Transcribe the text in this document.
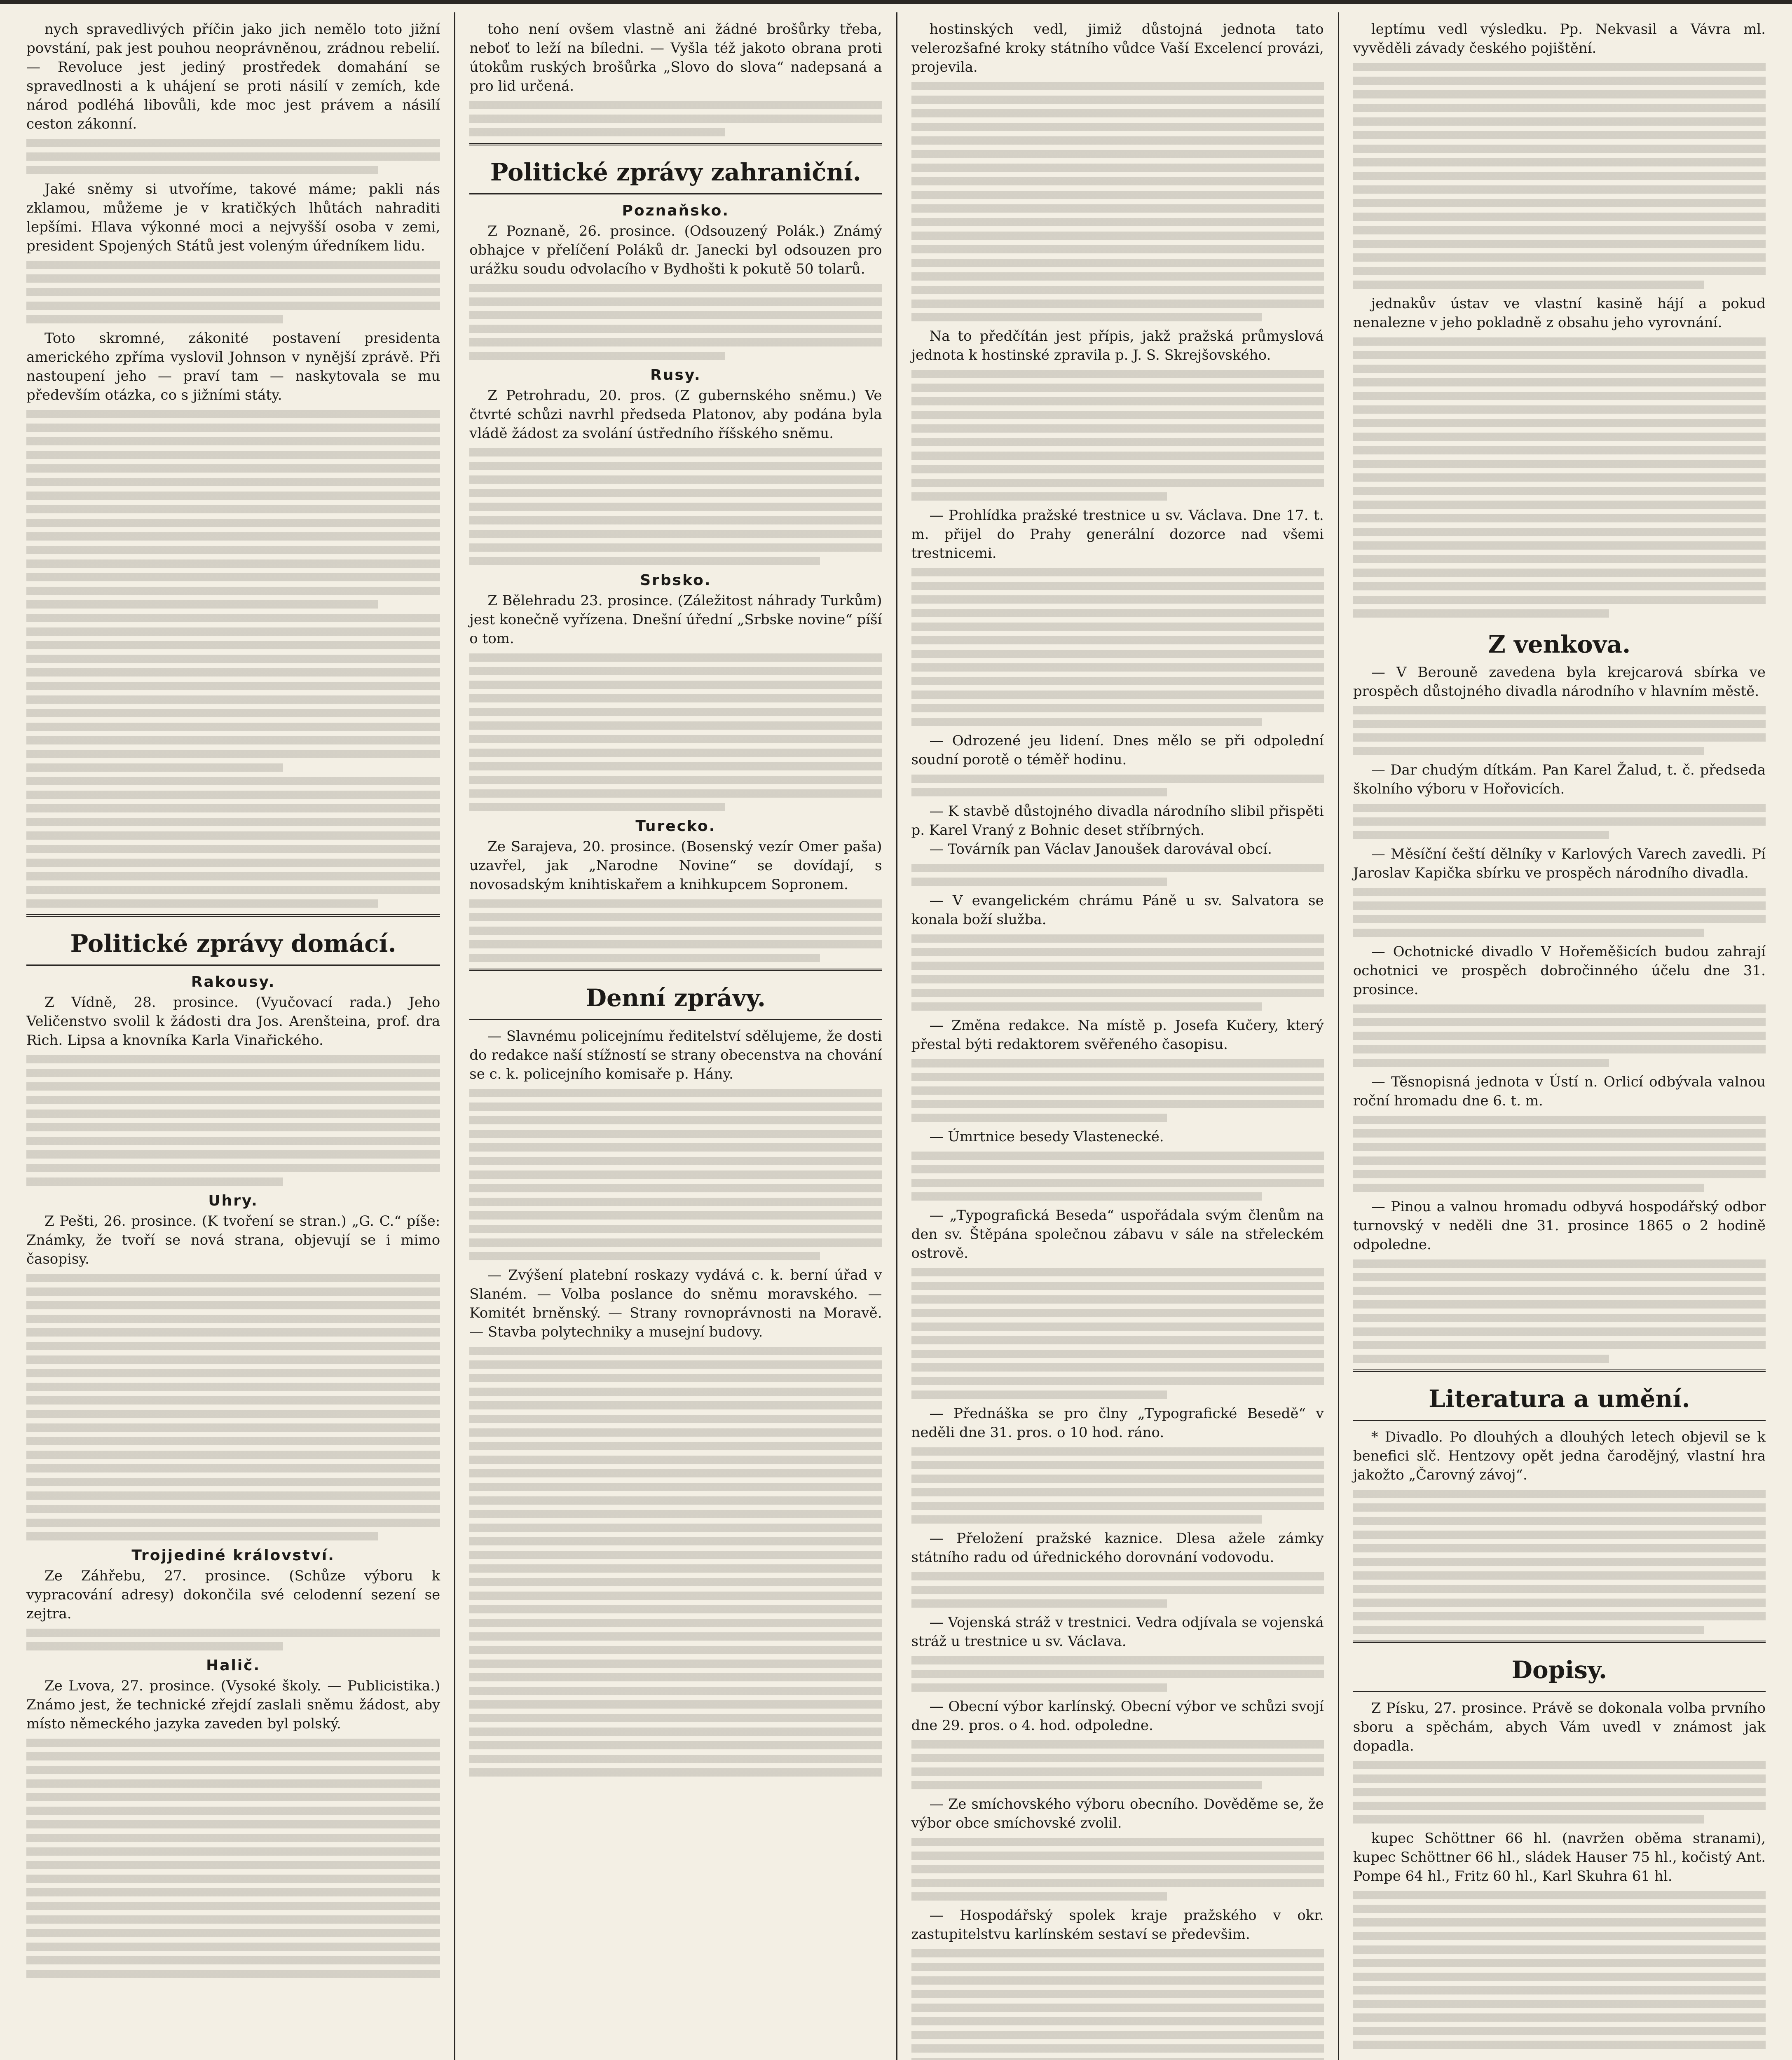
nych spravedlivých příčin jako jich nemělo toto jižní povstání, pak jest pouhou neoprávněnou, zrádnou rebelií. — Revoluce jest jediný prostředek domahání se spravedlnosti a k uhájení se proti násilí v zemích, kde národ podléhá libovůli, kde moc jest právem a násilí ceston zákonní.

Jaké sněmy si utvoříme, takové máme; pakli nás zklamou, můžeme je v kratičkých lhůtách nahraditi lepšími. Hlava výkonné moci a nejvyšší osoba v zemi, president Spojených Států jest voleným úředníkem lidu.

Toto skromné, zákonité postavení presidenta amerického zpříma vyslovil Johnson v nynější zprávě. Při nastoupení jeho — praví tam — naskytovala se mu především otázka, co s jižními státy.

Politické zprávy domácí.
Rakousy.

Z Vídně, 28. prosince. (Vyučovací rada.) Jeho Veličenstvo svolil k žádosti dra Jos. Arenšteina, prof. dra Rich. Lipsa a knovníka Karla Vinařického.

Uhry.

Z Pešti, 26. prosince. (K tvoření se stran.) „G. C.“ píše: Známky, že tvoří se nová strana, objevují se i mimo časopisy.

Trojjediné království.

Ze Záhřebu, 27. prosince. (Schůze výboru k vypracování adresy) dokončila své celodenní sezení se zejtra.

Halič.

Ze Lvova, 27. prosince. (Vysoké školy. — Publicistika.) Známo jest, že technické zřejdí zaslali sněmu žádost, aby místo německého jazyka zaveden byl polský.

toho není ovšem vlastně ani žádné brošůrky třeba, neboť to leží na bíledni. — Vyšla též jakoto obrana proti útokům ruských brošůrka „Slovo do slova“ nadepsaná a pro lid určená.

Politické zprávy zahraniční.
Poznaňsko.

Z Poznaně, 26. prosince. (Odsouzený Polák.) Známý obhajce v přelíčení Poláků dr. Janecki byl odsouzen pro urážku soudu odvolacího v Bydhošti k pokutě 50 tolarů.

Rusy.

Z Petrohradu, 20. pros. (Z gubernského sněmu.) Ve čtvrté schůzi navrhl předseda Platonov, aby podána byla vládě žádost za svolání ústředního říšského sněmu.

Srbsko.

Z Bělehradu 23. prosince. (Záležitost náhrady Turkům) jest konečně vyřízena. Dnešní úřední „Srbske novine“ píší o tom.

Turecko.

Ze Sarajeva, 20. prosince. (Bosenský vezír Omer paša) uzavřel, jak „Narodne Novine“ se dovídají, s novosadským knihtiskařem a knihkupcem Sopronem.

Denní zprávy.

— Slavnému policejnímu ředitelství sdělujeme, že dosti do redakce naší stížností se strany obecenstva na chování se c. k. policejního komisaře p. Hány.

— Zvýšení platební roskazy vydává c. k. berní úřad v Slaném. — Volba poslance do sněmu moravského. — Komitét brněnský. — Strany rovnoprávnosti na Moravě. — Stavba polytechniky a musejní budovy.

hostinských vedl, jimiž důstojná jednota tato velerozšafné kroky státního vůdce Vaší Excelencí provázi, projevila.

Na to předčítán jest přípis, jakž pražská průmyslová jednota k hostinské zpravila p. J. S. Skrejšovského.

— Prohlídka pražské trestnice u sv. Václava. Dne 17. t. m. přijel do Prahy generální dozorce nad všemi trestnicemi.

— Odrozené jeu lidení. Dnes mělo se při odpolední soudní porotě o téměř hodinu.

— K stavbě důstojného divadla národního slibil přispěti p. Karel Vraný z Bohnic deset stříbrných.

— Továrník pan Václav Janoušek darovával obcí.

— V evangelickém chrámu Páně u sv. Salvatora se konala boží služba.

— Změna redakce. Na místě p. Josefa Kučery, který přestal býti redaktorem svěřeného časopisu.

— Úmrtnice besedy Vlastenecké.

— „Typografická Beseda“ uspořádala svým členům na den sv. Štěpána společnou zábavu v sále na střeleckém ostrově.

— Přednáška se pro člny „Typografické Besedě“ v neděli dne 31. pros. o 10 hod. ráno.

— Přeložení pražské kaznice. Dlesa ažele zámky státního radu od úřednického dorovnání vodovodu.

— Vojenská stráž v trestnici. Vedra odjívala se vojenská stráž u trestnice u sv. Václava.

— Obecní výbor karlínský. Obecní výbor ve schůzi svojí dne 29. pros. o 4. hod. odpoledne.

— Ze smíchovského výboru obecního. Dověděme se, že výbor obce smíchovské zvolil.

— Hospodářský spolek kraje pražského v okr. zastupitelstvu karlínském sestaví se předevšim.

leptímu vedl výsledku. Pp. Nekvasil a Vávra ml. vyvěděli závady českého pojištění.

jednakův ústav ve vlastní kasině hájí a pokud nenalezne v jeho pokladně z obsahu jeho vyrovnání.

Z venkova.

— V Berouně zavedena byla krejcarová sbírka ve prospěch důstojného divadla národního v hlavním městě.

— Dar chudým dítkám. Pan Karel Žalud, t. č. předseda školního výboru v Hořovicích.

— Měsíční čeští dělníky v Karlových Varech zavedli. Pí Jaroslav Kapička sbírku ve prospěch národního divadla.

— Ochotnické divadlo V Hořeměšicích budou zahrají ochotnici ve prospěch dobročinného účelu dne 31. prosince.

— Těsnopisná jednota v Ústí n. Orlicí odbývala valnou roční hromadu dne 6. t. m.

— Pinou a valnou hromadu odbyvá hospodářský odbor turnovský v neděli dne 31. prosince 1865 o 2 hodině odpoledne.

Literatura a umění.

* Divadlo. Po dlouhých a dlouhých letech objevil se k benefici slč. Hentzovy opět jedna čarodějný, vlastní hra jakožto „Čarovný závoj“.

Dopisy.

Z Písku, 27. prosince. Právě se dokonala volba prvního sboru a spěchám, abych Vám uvedl v známost jak dopadla.

kupec Schöttner 66 hl. (navržen oběma stranami), kupec Schöttner 66 hl., sládek Hauser 75 hl., kočistý Ant. Pompe 64 hl., Fritz 60 hl., Karl Skuhra 61 hl.
